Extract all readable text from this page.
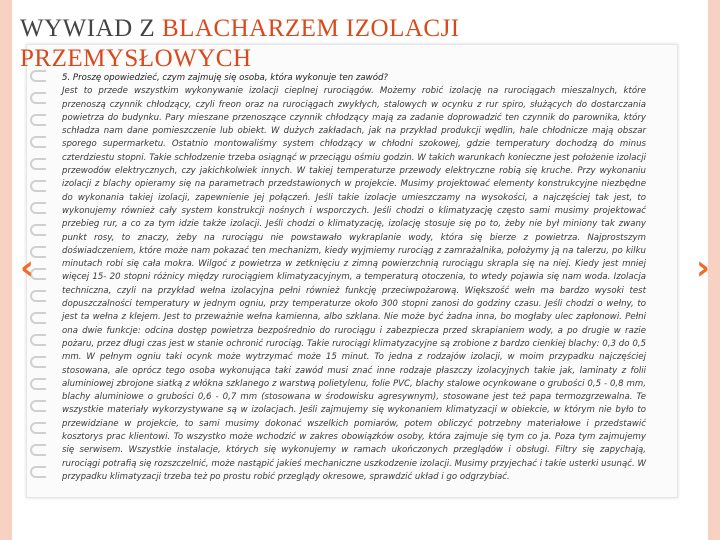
WYWIAD Z BLACHARZEM IZOLACJI
PRZEMYSŁOWYCH
‹	›
5. Proszę opowiedzieć, czym zajmuję się osoba, która wykonuje ten zawód?
Jest to przede wszystkim wykonywanie izolacji cieplnej rurociągów. Możemy robić izolację na rurociągach mieszalnych, które przenoszą czynnik chłodzący, czyli freon oraz na rurociągach zwykłych, stalowych w ocynku z rur spiro, służących do dostarczania powietrza do budynku. Pary mieszane przenoszące czynnik chłodzący mają za zadanie doprowadzić ten czynnik do parownika, który schładza nam dane pomieszczenie lub obiekt. W dużych zakładach, jak na przykład produkcji wędlin, hale chłodnicze mają obszar sporego supermarketu. Ostatnio montowaliśmy system chłodzący w chłodni szokowej, gdzie temperatury dochodzą do minus czterdziestu stopni. Takie schłodzenie trzeba osiągnąć w przeciągu ośmiu godzin. W takich warunkach konieczne jest położenie izolacji przewodów elektrycznych, czy jakichkolwiek innych. W takiej temperaturze przewody elektryczne robią się kruche. Przy wykonaniu izolacji z blachy opieramy się na parametrach przedstawionych w projekcie. Musimy projektować elementy konstrukcyjne niezbędne do wykonania takiej izolacji, zapewnienie jej połączeń. Jeśli takie izolacje umieszczamy na wysokości, a najczęściej tak jest, to wykonujemy również cały system konstrukcji nośnych i wsporczych. Jeśli chodzi o klimatyzację często sami musimy projektować przebieg rur, a co za tym idzie także izolacji. Jeśli chodzi o klimatyzację, izolację stosuje się po to, żeby nie był miniony tak zwany punkt rosy, to znaczy, żeby na rurociągu nie powstawało wykraplanie wody, która się bierze z powietrza. Najprostszym doświadczeniem, które może nam pokazać ten mechanizm, kiedy wyjmiemy rurociąg z zamrażalnika, położymy ją na talerzu, po kilku minutach robi się cała mokra. Wilgoć z powietrza w zetknięciu z zimną powierzchnią rurociągu skrapla się na niej. Kiedy jest mniej więcej 15- 20 stopni różnicy między rurociągiem klimatyzacyjnym, a temperaturą otoczenia, to wtedy pojawia się nam woda. Izolacja techniczna, czyli na przykład wełna izolacyjna pełni również funkcję przeciwpożarową. Większość wełn ma bardzo wysoki test dopuszczalności temperatury w jednym ogniu, przy temperaturze około 300 stopni zanosi do godziny czasu. Jeśli chodzi o wełny, to jest ta wełna z klejem. Jest to przeważnie wełna kamienna, albo szklana. Nie może być żadna inna, bo mogłaby ulec zapłonowi. Pełni ona dwie funkcje: odcina dostęp powietrza bezpośrednio do rurociągu i zabezpiecza przed skrapianiem wody, a po drugie w razie pożaru, przez długi czas jest w stanie ochronić rurociąg. Takie rurociągi klimatyzacyjne są zrobione z bardzo cienkiej blachy: 0,3 do 0,5 mm. W pełnym ogniu taki ocynk może wytrzymać może 15 minut. To jedna z rodzajów izolacji, w moim przypadku najczęściej stosowana, ale oprócz tego osoba wykonująca taki zawód musi znać inne rodzaje płaszczy izolacyjnych takie jak, laminaty z folii aluminiowej zbrojone siatką z włókna szklanego z warstwą polietylenu, folie PVC, blachy stalowe ocynkowane o grubości 0,5 - 0,8 mm, blachy aluminiowe o grubości 0,6 - 0,7 mm (stosowana w środowisku agresywnym), stosowane jest też papa termozgrzewalna. Te wszystkie materiały wykorzystywane są w izolacjach. Jeśli zajmujemy się wykonaniem klimatyzacji w obiekcie, w którym nie było to przewidziane w projekcie, to sami musimy dokonać wszelkich pomiarów, potem obliczyć potrzebny materiałowe i przedstawić kosztorys prac klientowi. To wszystko może wchodzić w zakres obowiązków osoby, która zajmuje się tym co ja. Poza tym zajmujemy się serwisem. Wszystkie instalacje, których się wykonujemy w ramach ukończonych przeglądów i obsługi. Filtry się zapychają, rurociągi potrafią się rozszczelnić, może nastąpić jakieś mechaniczne uszkodzenie izolacji. Musimy przyjechać i takie usterki usunąć. W przypadku klimatyzacji trzeba też po prostu robić przeglądy okresowe, sprawdzić układ i go odgrzybiać.
